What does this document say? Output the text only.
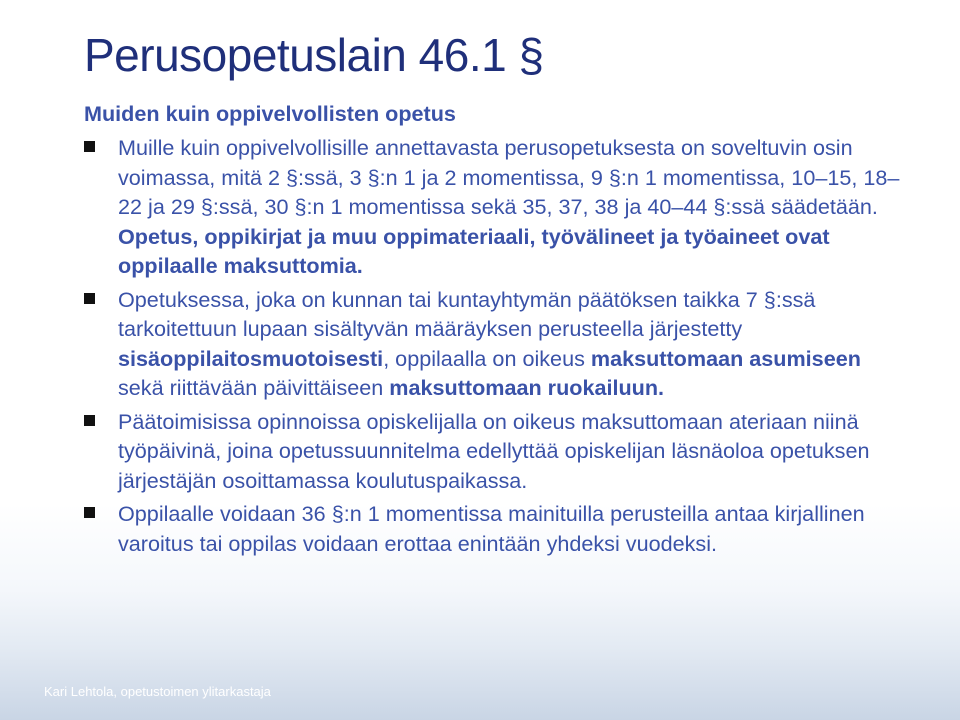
Perusopetuslain 46.1 §
Muiden kuin oppivelvollisten opetus
Muille kuin oppivelvollisille annettavasta perusopetuksesta on soveltuvin osin voimassa, mitä 2 §:ssä, 3 §:n 1 ja 2 momentissa, 9 §:n 1 momentissa, 10–15, 18–22 ja 29 §:ssä, 30 §:n 1 momentissa sekä 35, 37, 38 ja 40–44 §:ssä säädetään. Opetus, oppikirjat ja muu oppimateriaali, työvälineet ja työaineet ovat oppilaalle maksuttomia.
Opetuksessa, joka on kunnan tai kuntayhtymän päätöksen taikka 7 §:ssä tarkoitettuun lupaan sisältyvän määräyksen perusteella järjestetty sisäoppilaitosmuotoisesti, oppilaalla on oikeus maksuttomaan asumiseen sekä riittävään päivittäiseen maksuttomaan ruokailuun.
Päätoimisissa opinnoissa opiskelijalla on oikeus maksuttomaan ateriaan niinä työpäivinä, joina opetussuunnitelma edellyttää opiskelijan läsnäoloa opetuksen järjestäjän osoittamassa koulutuspaikassa.
Oppilaalle voidaan 36 §:n 1 momentissa mainituilla perusteilla antaa kirjallinen varoitus tai oppilas voidaan erottaa enintään yhdeksi vuodeksi.
Kari Lehtola, opetustoimen ylitarkastaja
